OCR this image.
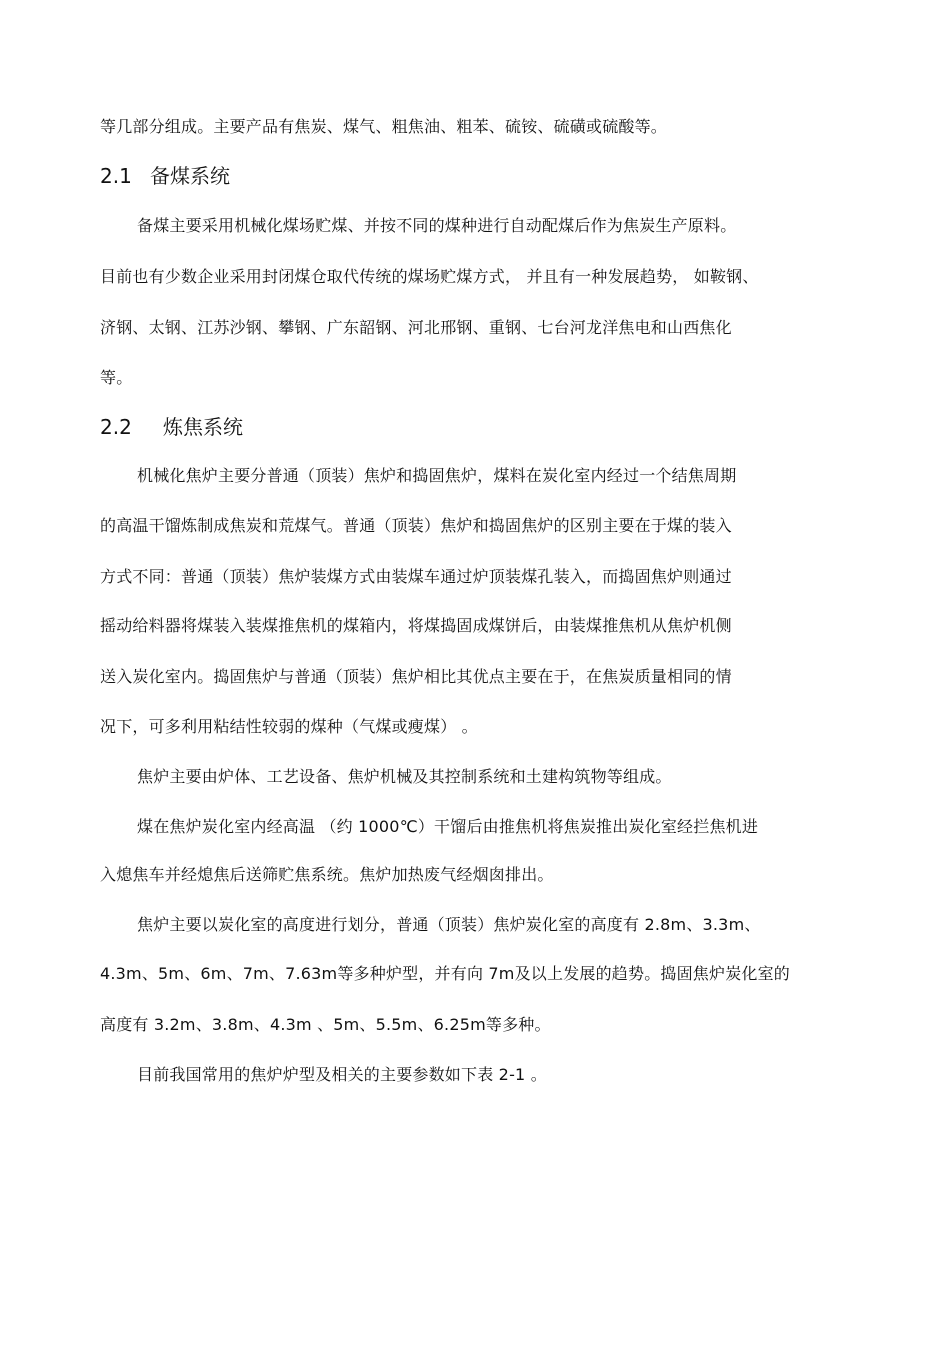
等几部分组成。主要产品有焦炭、煤气、粗焦油、粗苯、硫铵、硫磺或硫酸等。
2.1 备煤系统
备煤主要采用机械化煤场贮煤、并按不同的煤种进行自动配煤后作为焦炭生产原料。
目前也有少数企业采用封闭煤仓取代传统的煤场贮煤方式， 并且有一种发展趋势， 如鞍钢、
济钢、太钢、江苏沙钢、攀钢、广东韶钢、河北邢钢、重钢、七台河龙洋焦电和山西焦化
等。
2.2 炼焦系统
机械化焦炉主要分普通（顶装）焦炉和捣固焦炉，煤料在炭化室内经过一个结焦周期
的高温干馏炼制成焦炭和荒煤气。普通（顶装）焦炉和捣固焦炉的区别主要在于煤的装入
方式不同：普通（顶装）焦炉装煤方式由装煤车通过炉顶装煤孔装入，而捣固焦炉则通过
摇动给料器将煤装入装煤推焦机的煤箱内，将煤捣固成煤饼后，由装煤推焦机从焦炉机侧
送入炭化室内。捣固焦炉与普通（顶装）焦炉相比其优点主要在于，在焦炭质量相同的情
况下，可多利用粘结性较弱的煤种（气煤或瘦煤） 。
焦炉主要由炉体、工艺设备、焦炉机械及其控制系统和土建构筑物等组成。
煤在焦炉炭化室内经高温 （约 1000℃）干馏后由推焦机将焦炭推出炭化室经拦焦机进
入熄焦车并经熄焦后送筛贮焦系统。焦炉加热废气经烟囱排出。
焦炉主要以炭化室的高度进行划分，普通（顶装）焦炉炭化室的高度有 2.8m、3.3m、
4.3m、5m、6m、7m、7.63m等多种炉型，并有向 7m及以上发展的趋势。捣固焦炉炭化室的
高度有 3.2m、3.8m、4.3m 、5m、5.5m、6.25m等多种。
目前我国常用的焦炉炉型及相关的主要参数如下表 2-1 。
